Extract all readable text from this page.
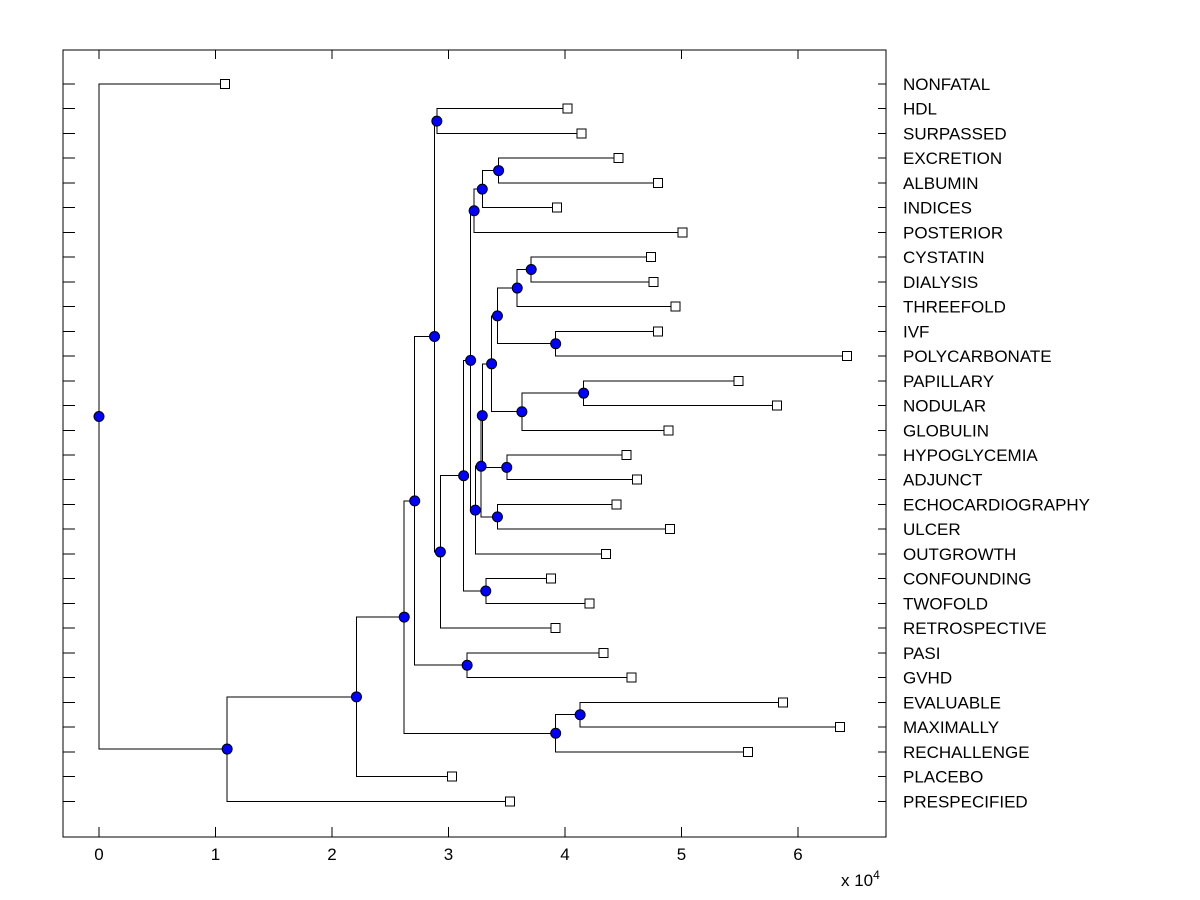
0	1	2	3	4	5	6
NONFATAL
HDL
SURPASSED
EXCRETION
ALBUMIN
INDICES
POSTERIOR
CYSTATIN
DIALYSIS
THREEFOLD
IVF
POLYCARBONATE
PAPILLARY
NODULAR
GLOBULIN
HYPOGLYCEMIA
ADJUNCT
ECHOCARDIOGRAPHY
ULCER
OUTGROWTH
CONFOUNDING
TWOFOLD
RETROSPECTIVE
PASI
GVHD
EVALUABLE
MAXIMALLY
RECHALLENGE
PLACEBO
PRESPECIFIED
x $10^4$
